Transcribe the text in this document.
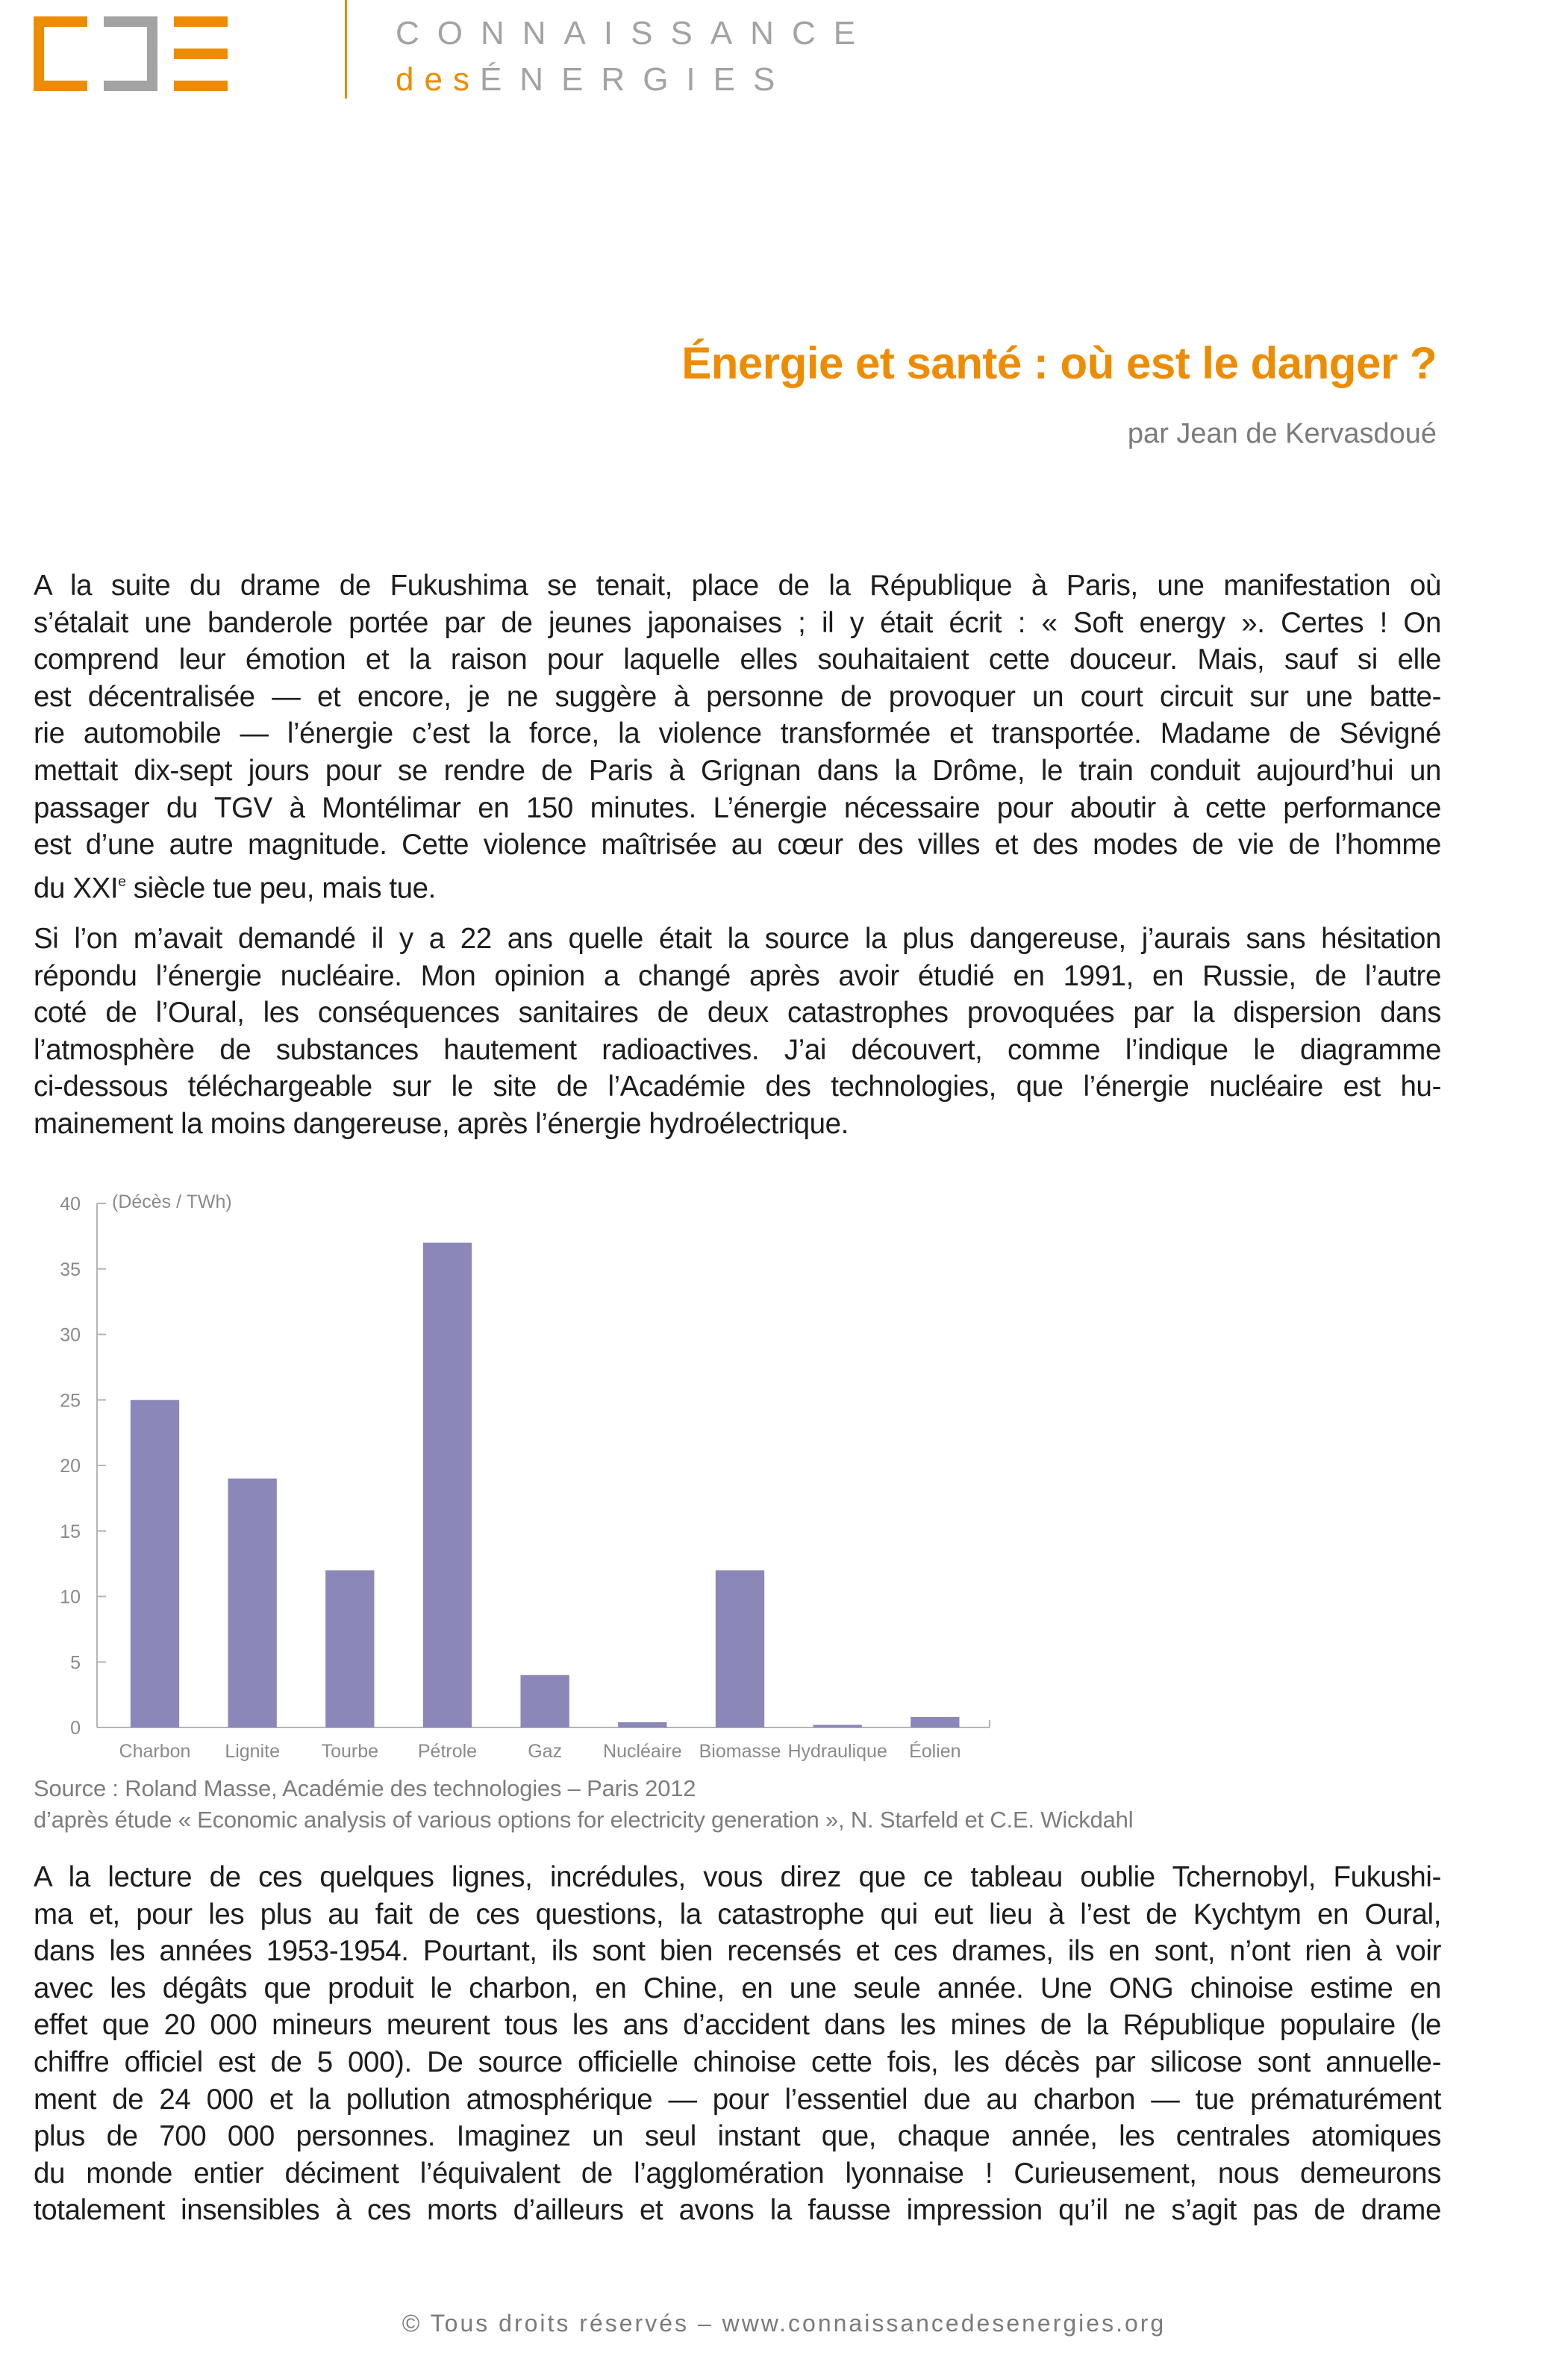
CONNAISSANCE
desÉNERGIES
Énergie et santé : où est le danger ?
par Jean de Kervasdoué
A la suite du drame de Fukushima se tenait, place de la République à Paris, une manifestation où
s’étalait une banderole portée par de jeunes japonaises ; il y était écrit : « Soft energy ». Certes ! On
comprend leur émotion et la raison pour laquelle elles souhaitaient cette douceur. Mais, sauf si elle
est décentralisée — et encore, je ne suggère à personne de provoquer un court circuit sur une batte-
rie automobile — l’énergie c’est la force, la violence transformée et transportée. Madame de Sévigné
mettait dix-sept jours pour se rendre de Paris à Grignan dans la Drôme, le train conduit aujourd’hui un
passager du TGV à Montélimar en 150 minutes. L’énergie nécessaire pour aboutir à cette performance
est d’une autre magnitude. Cette violence maîtrisée au cœur des villes et des modes de vie de l’homme
du XXIe siècle tue peu, mais tue.
Si l’on m’avait demandé il y a 22 ans quelle était la source la plus dangereuse, j’aurais sans hésitation
répondu l’énergie nucléaire. Mon opinion a changé après avoir étudié en 1991, en Russie, de l’autre
coté de l’Oural, les conséquences sanitaires de deux catastrophes provoquées par la dispersion dans
l’atmosphère de substances hautement radioactives. J’ai découvert, comme l’indique le diagramme
ci-dessous téléchargeable sur le site de l’Académie des technologies, que l’énergie nucléaire est hu-
mainement la moins dangereuse, après l’énergie hydroélectrique.
0
5
10
15
20
25
30
35
40
Charbon Lignite Tourbe Pétrole	Gaz Nucléaire Biomasse Hydraulique Éolien
(Décès / TWh)
Source : Roland Masse, Académie des technologies – Paris 2012
d’après étude « Economic analysis of various options for electricity generation », N. Starfeld et C.E. Wickdahl
A la lecture de ces quelques lignes, incrédules, vous direz que ce tableau oublie Tchernobyl, Fukushi-
ma et, pour les plus au fait de ces questions, la catastrophe qui eut lieu à l’est de Kychtym en Oural,
dans les années 1953-1954. Pourtant, ils sont bien recensés et ces drames, ils en sont, n’ont rien à voir
avec les dégâts que produit le charbon, en Chine, en une seule année. Une ONG chinoise estime en
effet que 20 000 mineurs meurent tous les ans d’accident dans les mines de la République populaire (le
chiffre officiel est de 5 000). De source officielle chinoise cette fois, les décès par silicose sont annuelle-
ment de 24 000 et la pollution atmosphérique — pour l’essentiel due au charbon — tue prématurément
plus de 700 000 personnes. Imaginez un seul instant que, chaque année, les centrales atomiques
du monde entier déciment l’équivalent de l’agglomération lyonnaise ! Curieusement, nous demeurons
totalement insensibles à ces morts d’ailleurs et avons la fausse impression qu’il ne s’agit pas de drame
© Tous droits réservés – www.connaissancedesenergies.org
